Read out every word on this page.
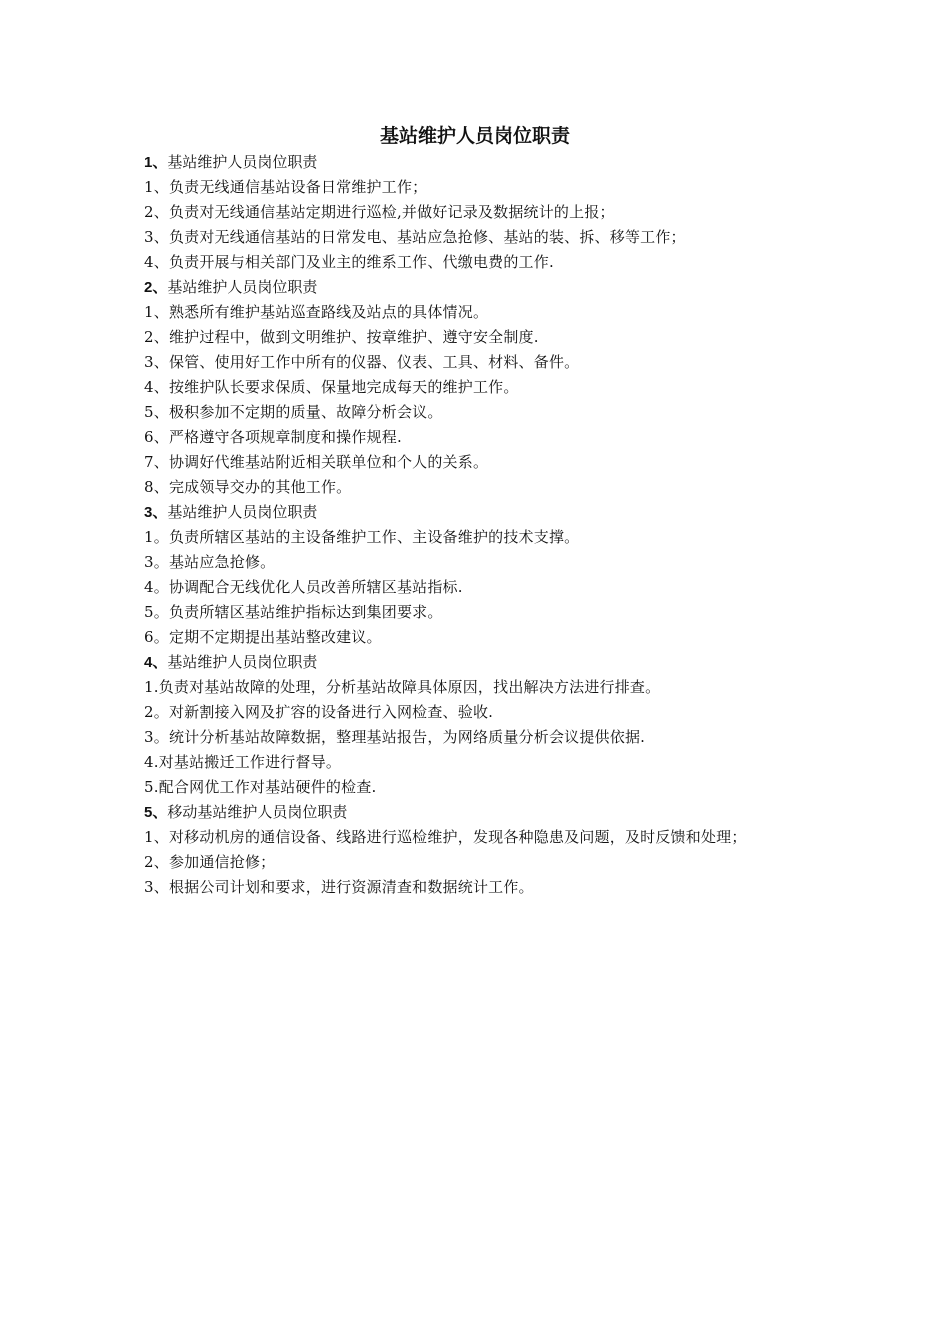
基站维护人员岗位职责

1、基站维护人员岗位职责

1、负责无线通信基站设备日常维护工作；

2、负责对无线通信基站定期进行巡检,并做好记录及数据统计的上报；

3、负责对无线通信基站的日常发电、基站应急抢修、基站的装、拆、移等工作；

4、负责开展与相关部门及业主的维系工作、代缴电费的工作.

2、基站维护人员岗位职责

1、熟悉所有维护基站巡查路线及站点的具体情况。

2、维护过程中，做到文明维护、按章维护、遵守安全制度.

3、保管、使用好工作中所有的仪器、仪表、工具、材料、备件。

4、按维护队长要求保质、保量地完成每天的维护工作。

5、极积参加不定期的质量、故障分析会议。

6、严格遵守各项规章制度和操作规程.

7、协调好代维基站附近相关联单位和个人的关系。

8、完成领导交办的其他工作。

3、基站维护人员岗位职责

1。负责所辖区基站的主设备维护工作、主设备维护的技术支撑。

3。基站应急抢修。

4。协调配合无线优化人员改善所辖区基站指标.

5。负责所辖区基站维护指标达到集团要求。

6。定期不定期提出基站整改建议。

4、基站维护人员岗位职责

1.负责对基站故障的处理，分析基站故障具体原因，找出解决方法进行排查。

2。对新割接入网及扩容的设备进行入网检查、验收.

3。统计分析基站故障数据，整理基站报告，为网络质量分析会议提供依据.

4.对基站搬迁工作进行督导。

5.配合网优工作对基站硬件的检查.

5、移动基站维护人员岗位职责

1、对移动机房的通信设备、线路进行巡检维护，发现各种隐患及问题，及时反馈和处理；

2、参加通信抢修；

3、根据公司计划和要求，进行资源清查和数据统计工作。
